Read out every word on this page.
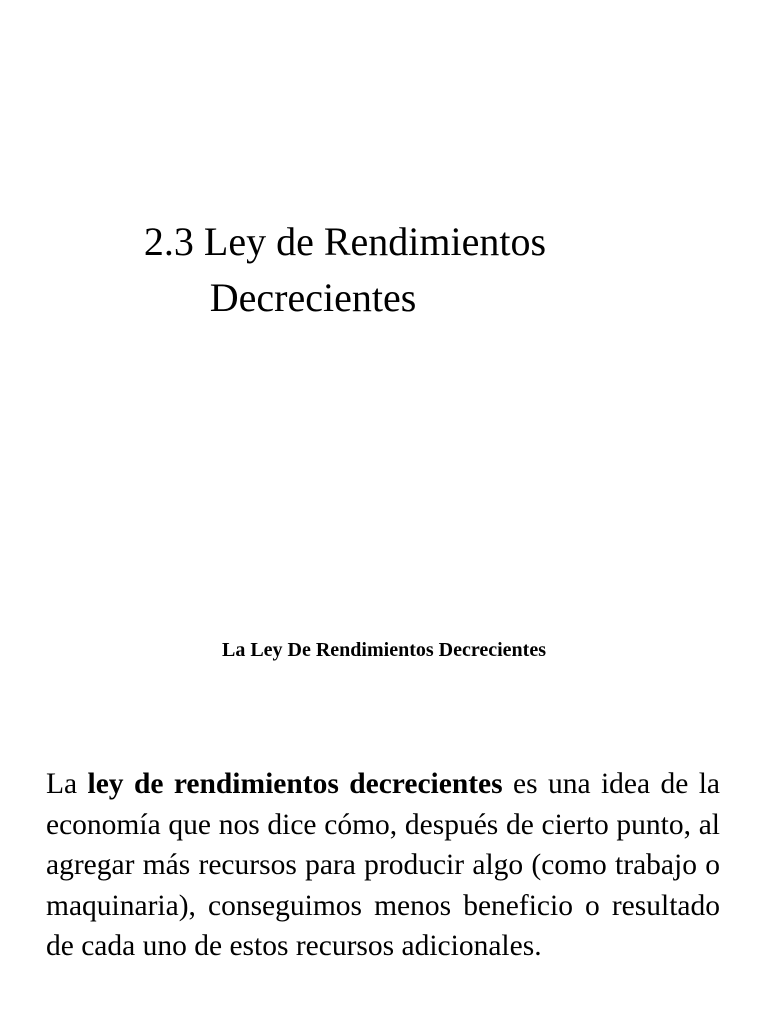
2.3 Ley de Rendimientos
Decrecientes
La Ley De Rendimientos Decrecientes

La ley de rendimientos decrecientes es una idea de la economía que nos dice cómo, después de cierto punto, al agregar más recursos para producir algo (como trabajo o maquinaria), conseguimos menos beneficio o resultado de cada uno de estos recursos adicionales.
